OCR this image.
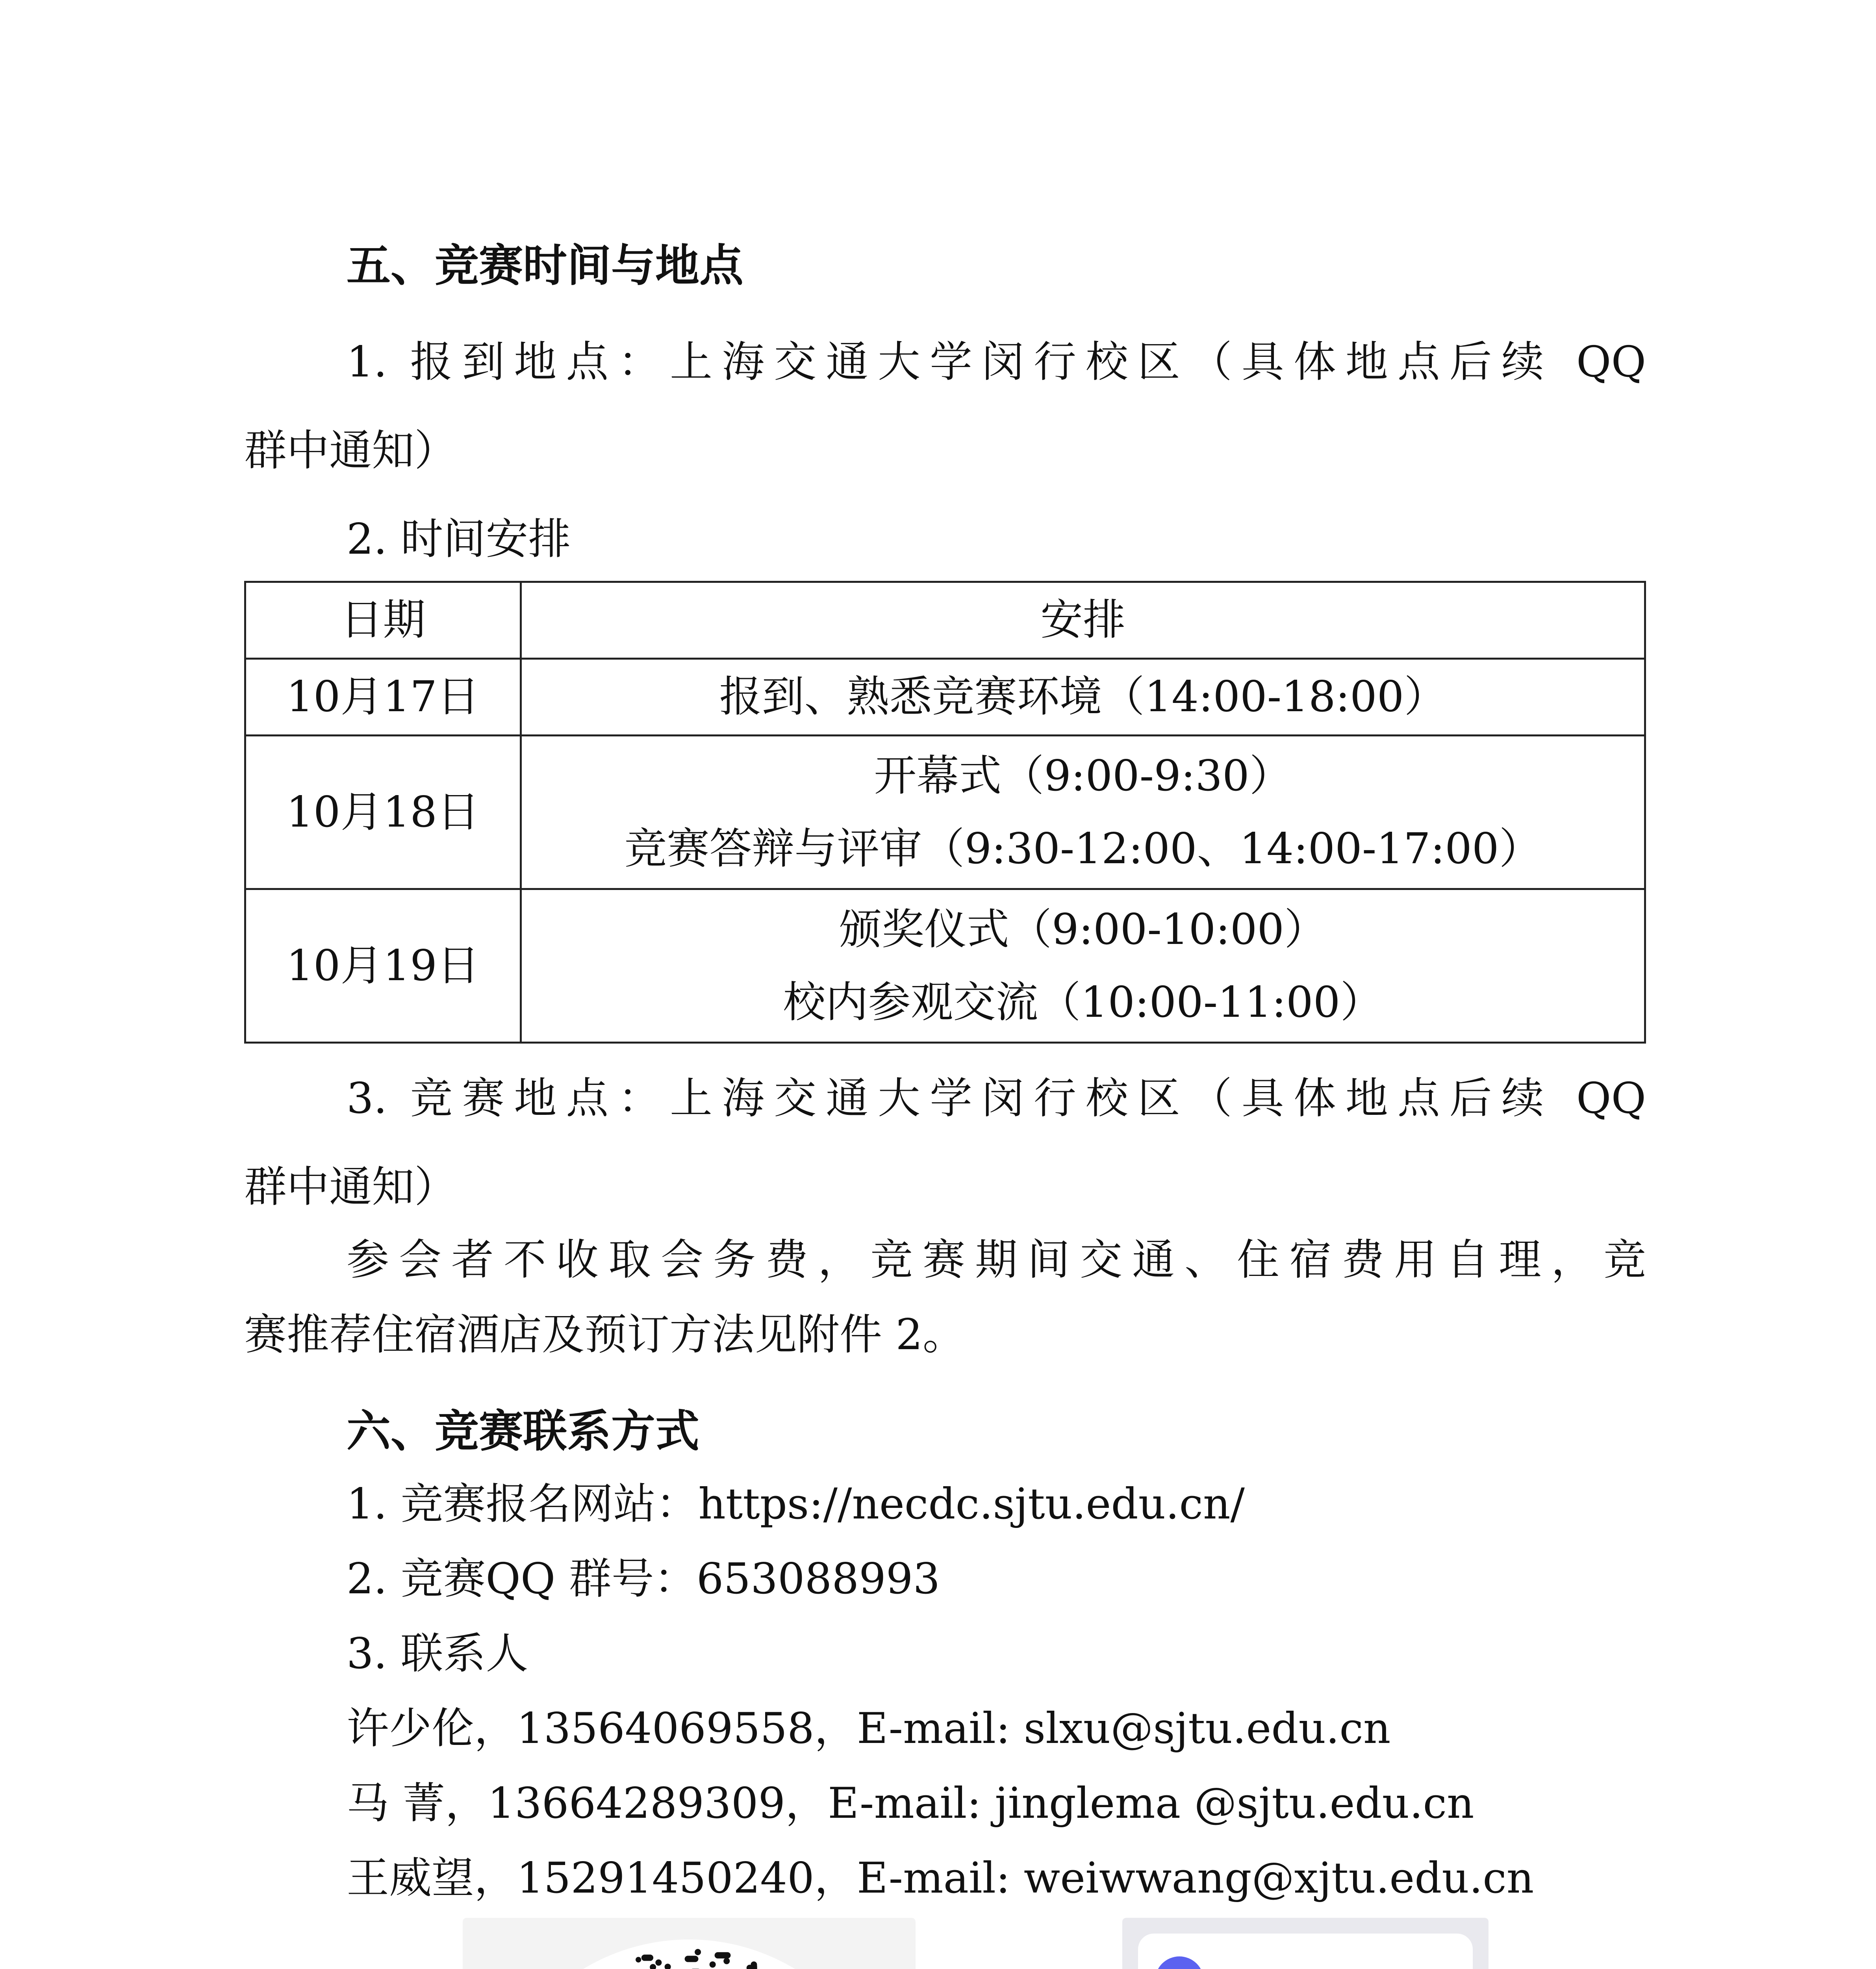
五、竞赛时间与地点

1. 报到地点：上海交通大学闵行校区（具体地点后续 QQ

群中通知）

2. 时间安排

日期	安排
10月17日	报到、熟悉竞赛环境（14:00-18:00）
10月18日	开幕式（9:00-9:30）
竞赛答辩与评审（9:30-12:00、14:00-17:00）

10月19日	颁奖仪式（9:00-10:00）
校内参观交流（10:00-11:00）

3. 竞赛地点：上海交通大学闵行校区（具体地点后续 QQ

群中通知）

参会者不收取会务费，竞赛期间交通、住宿费用自理，竞

赛推荐住宿酒店及预订方法见附件 2。

六、竞赛联系方式

1. 竞赛报名网站：https://necdc.sjtu.edu.cn/

2. 竞赛QQ 群号：653088993

3. 联系人

许少伦，13564069558，E-mail: slxu@sjtu.edu.cn

马 菁，13664289309，E-mail: jinglema @sjtu.edu.cn

王威望，15291450240，E-mail: weiwwang@xjtu.edu.cn
